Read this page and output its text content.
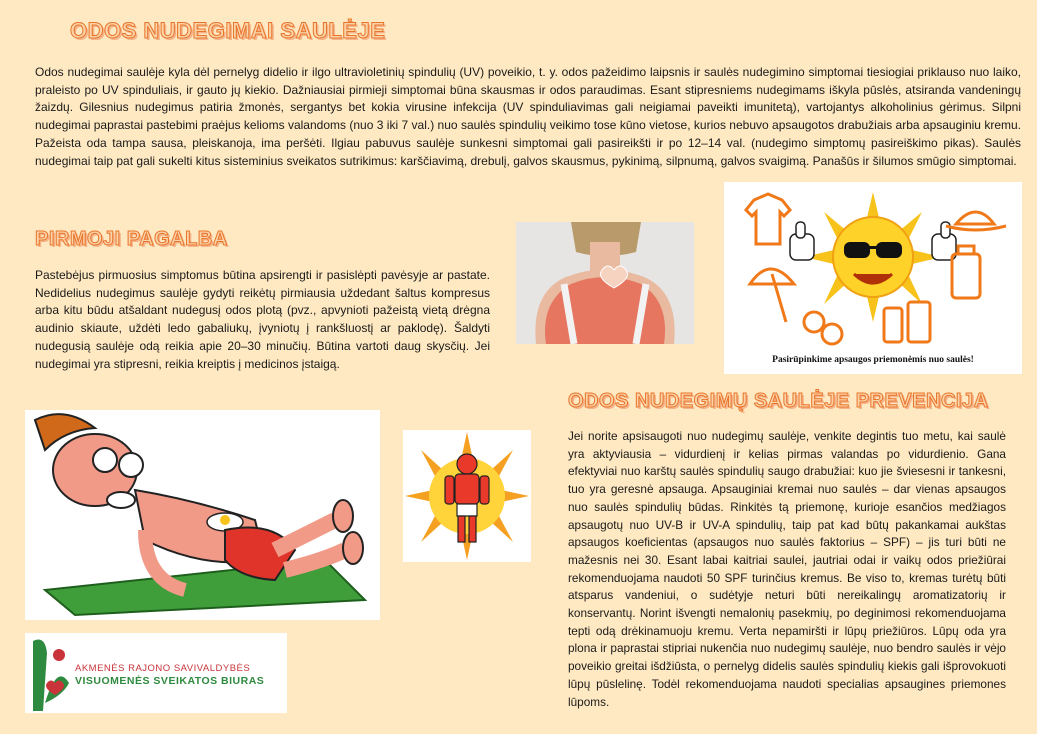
ODOS NUDEGIMAI SAULĖJE

Odos nudegimai saulėje kyla dėl pernelyg didelio ir ilgo ultravioletinių spindulių (UV) poveikio, t. y. odos pažeidimo laipsnis ir saulės nudegimino simptomai tiesiogiai priklauso nuo laiko, praleisto po UV spinduliais, ir gauto jų kiekio. Dažniausiai pirmieji simptomai būna skausmas ir odos paraudimas. Esant stipresniems nudegimams iškyla pūslės, atsiranda vandeningų žaizdų. Gilesnius nudegimus patiria žmonės, sergantys bet kokia virusine infekcija (UV spinduliavimas gali neigiamai paveikti imunitetą), vartojantys alkoholinius gėrimus. Silpni nudegimai paprastai pastebimi praėjus kelioms valandoms (nuo 3 iki 7 val.) nuo saulės spindulių veikimo tose kūno vietose, kurios nebuvo apsaugotos drabužiais arba apsauginiu kremu. Pažeista oda tampa sausa, pleiskanoja, ima peršėti. Ilgiau pabuvus saulėje sunkesni simptomai gali pasireikšti ir po 12–14 val. (nudegimo simptomų pasireiškimo pikas). Saulės nudegimai taip pat gali sukelti kitus sisteminius sveikatos sutrikimus: karščiavimą, drebulį, galvos skausmus, pykinimą, silpnumą, galvos svaigimą. Panašūs ir šilumos smūgio simptomai.

PIRMOJI PAGALBA

Pastebėjus pirmuosius simptomus būtina apsirengti ir pasislėpti pavėsyje ar pastate. Nedidelius nudegimus saulėje gydyti reikėtų pirmiausia uždedant šaltus kompresus arba kitu būdu atšaldant nudegusį odos plotą (pvz., apvynioti pažeistą vietą drėgna audinio skiaute, uždėti ledo gabaliukų, įvyniotų į rankšluostį ar paklodę). Šaldyti nudegusią saulėje odą reikia apie 20–30 minučių. Būtina vartoti daug skysčių. Jei nudegimai yra stipresni, reikia kreiptis į medicinos įstaigą.	Pasirūpinkime apsaugos priemonėmis nuo saulės!
ODOS NUDEGIMŲ SAULĖJE PREVENCIJA

Jei norite apsisaugoti nuo nudegimų saulėje, venkite degintis tuo metu, kai saulė yra aktyviausia – vidurdienį ir kelias pirmas valandas po vidurdienio. Gana efektyviai nuo karštų saulės spindulių saugo drabužiai: kuo jie šviesesni ir tankesni, tuo yra geresnė apsauga. Apsauginiai kremai nuo saulės – dar vienas apsaugos nuo saulės spindulių būdas. Rinkitės tą priemonę, kurioje esančios medžiagos apsaugotų nuo UV-B ir UV-A spindulių, taip pat kad būtų pakankamai aukštas apsaugos koeficientas (apsaugos nuo saulės faktorius – SPF) – jis turi būti ne mažesnis nei 30. Esant labai kaitriai saulei, jautriai odai ir vaikų odos priežiūrai rekomenduojama naudoti 50 SPF turinčius kremus. Be viso to, kremas turėtų būti atsparus vandeniui, o sudėtyje neturi būti nereikalingų aromatizatorių ir konservantų. Norint išvengti nemalonių pasekmių, po deginimosi rekomenduojama tepti odą drėkinamuoju kremu. Verta nepamiršti ir lūpų priežiūros. Lūpų oda yra plona ir paprastai stipriai nukenčia nuo nudegimų saulėje, nuo bendro saulės ir vėjo poveikio greitai išdžiūsta, o pernelyg didelis saulės spindulių kiekis gali išprovokuoti lūpų pūslelinę. Todėl rekomenduojama naudoti specialias apsaugines priemones lūpoms.

AKMENĖS RAJONO SAVIVALDYBĖS
VISUOMENĖS SVEIKATOS BIURAS
